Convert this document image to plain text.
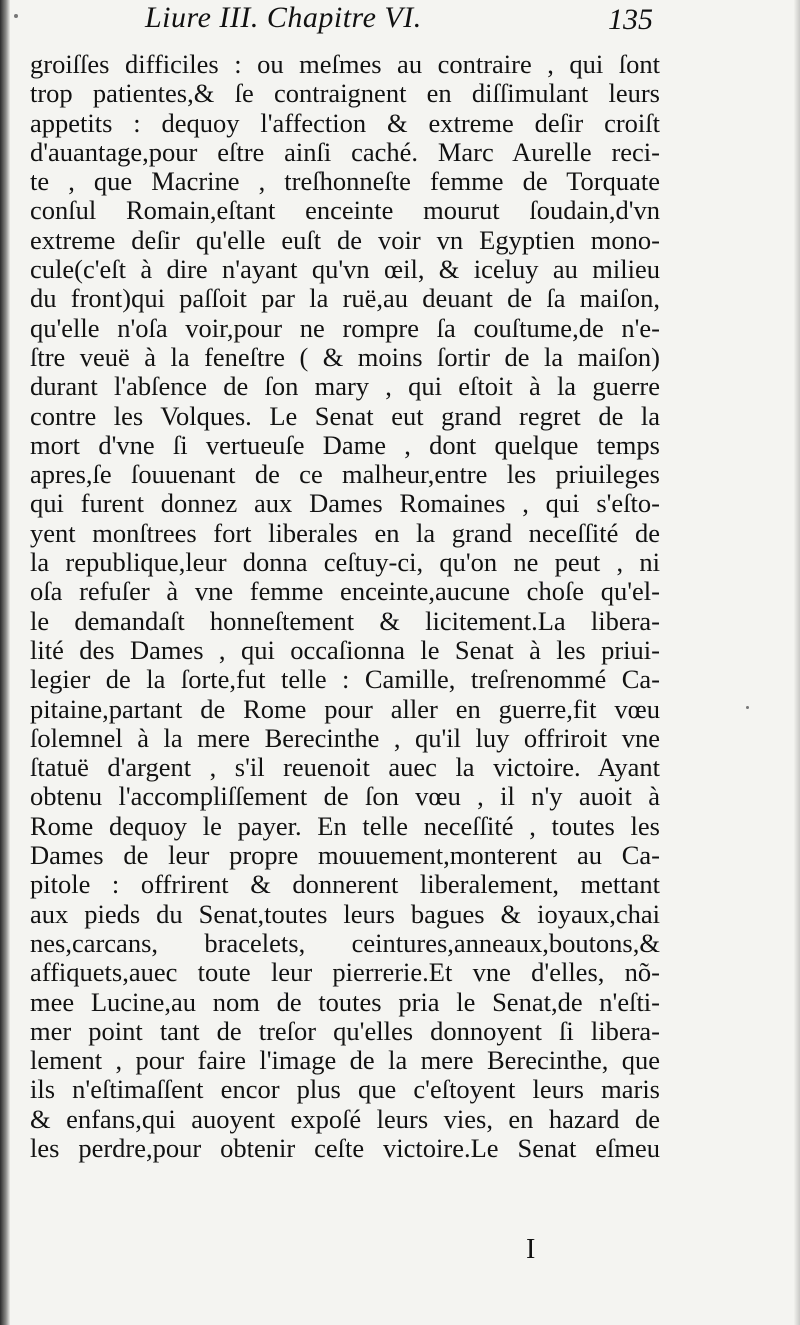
Liure III. Chapitre VI.	135
groiſſes difficiles : ou meſmes au contraire , qui ſont
trop patientes,& ſe contraignent en diſſimulant leurs
appetits : dequoy l'affection & extreme deſir croiſt
d'auantage,pour eſtre ainſi caché. Marc Aurelle reci-
te , que Macrine , treſhonneſte femme de Torquate
conſul Romain,eſtant enceinte mourut ſoudain,d'vn
extreme deſir qu'elle euſt de voir vn Egyptien mono-
cule(c'eſt à dire n'ayant qu'vn œil, & iceluy au milieu
du front)qui paſſoit par la ruë,au deuant de ſa maiſon,
qu'elle n'oſa voir,pour ne rompre ſa couſtume,de n'e-
ſtre veuë à la feneſtre ( & moins ſortir de la maiſon)
durant l'abſence de ſon mary , qui eſtoit à la guerre
contre les Volques. Le Senat eut grand regret de la
mort d'vne ſi vertueuſe Dame , dont quelque temps
apres,ſe ſouuenant de ce malheur,entre les priuileges
qui furent donnez aux Dames Romaines , qui s'eſto-
yent monſtrees fort liberales en la grand neceſſité de
la republique,leur donna ceſtuy-ci, qu'on ne peut , ni
oſa refuſer à vne femme enceinte,aucune choſe qu'el-
le demandaſt honneſtement & licitement.La libera-
lité des Dames , qui occaſionna le Senat à les priui-
legier de la ſorte,fut telle : Camille, treſrenommé Ca-
pitaine,partant de Rome pour aller en guerre,fit vœu
ſolemnel à la mere Berecinthe , qu'il luy offriroit vne
ſtatuë d'argent , s'il reuenoit auec la victoire. Ayant
obtenu l'accompliſſement de ſon vœu , il n'y auoit à
Rome dequoy le payer. En telle neceſſité , toutes les
Dames de leur propre mouuement,monterent au Ca-
pitole : offrirent & donnerent liberalement, mettant
aux pieds du Senat,toutes leurs bagues & ioyaux,chai
nes,carcans, bracelets, ceintures,anneaux,boutons,&
affiquets,auec toute leur pierrerie.Et vne d'elles, nõ-
mee Lucine,au nom de toutes pria le Senat,de n'eſti-
mer point tant de treſor qu'elles donnoyent ſi libera-
lement , pour faire l'image de la mere Berecinthe, que
ils n'eſtimaſſent encor plus que c'eſtoyent leurs maris
& enfans,qui auoyent expoſé leurs vies, en hazard de
les perdre,pour obtenir ceſte victoire.Le Senat eſmeu
I
